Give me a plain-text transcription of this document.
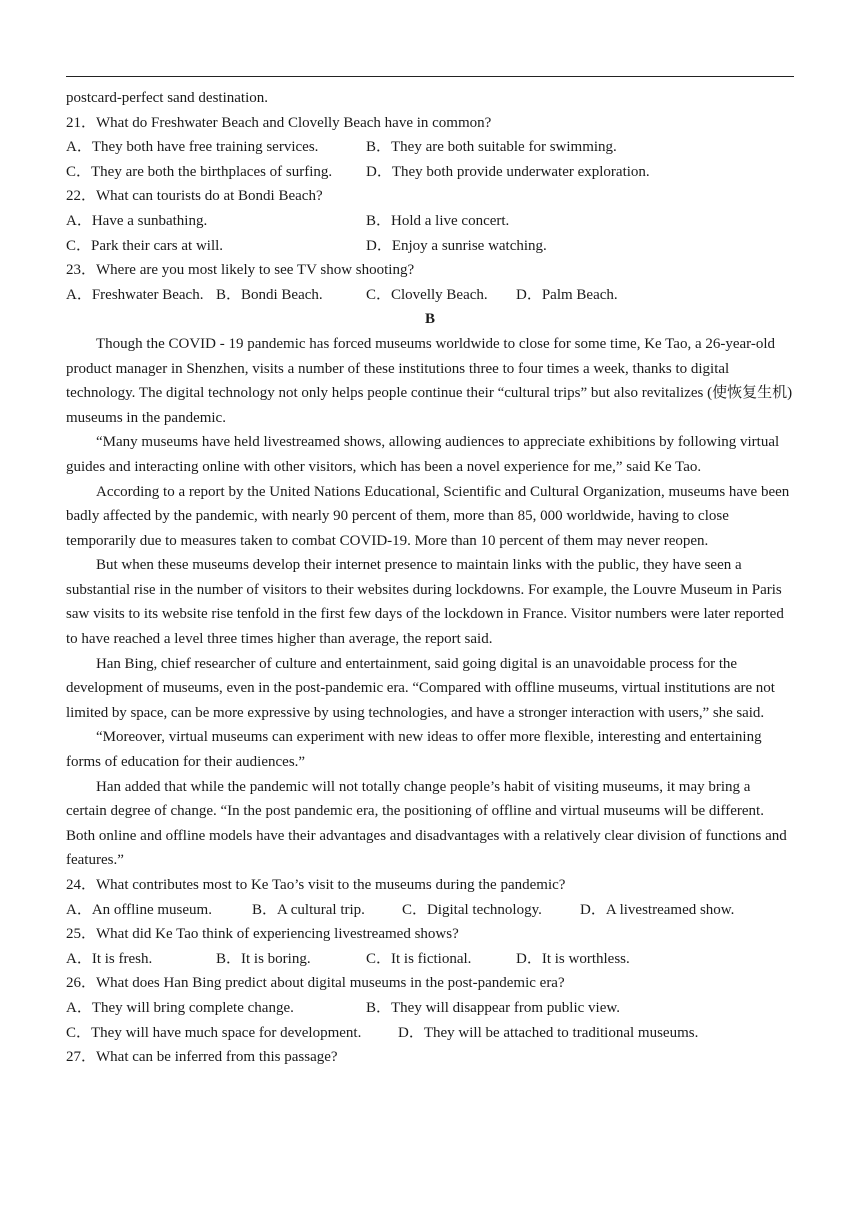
postcard-perfect sand destination.
21．What do Freshwater Beach and Clovelly Beach have in common?
A．They both have free training services.	B．They are both suitable for swimming.
C．They are both the birthplaces of surfing.	D．They both provide underwater exploration.
22．What can tourists do at Bondi Beach?
A．Have a sunbathing.	B．Hold a live concert.
C．Park their cars at will.	D．Enjoy a sunrise watching.
23．Where are you most likely to see TV show shooting?
A．Freshwater Beach. B．Bondi Beach.	C．Clovelly Beach.	D．Palm Beach.
B
Though the COVID - 19 pandemic has forced museums worldwide to close for some time, Ke Tao, a 26-year-old product manager in Shenzhen, visits a number of these institutions three to four times a week, thanks to digital technology. The digital technology not only helps people continue their “cultural trips” but also revitalizes (使恢复生机) museums in the pandemic.
“Many museums have held livestreamed shows, allowing audiences to appreciate exhibitions by following virtual guides and interacting online with other visitors, which has been a novel experience for me,” said Ke Tao.
According to a report by the United Nations Educational, Scientific and Cultural Organization, museums have been badly affected by the pandemic, with nearly 90 percent of them, more than 85, 000 worldwide, having to close temporarily due to measures taken to combat COVID-19. More than 10 percent of them may never reopen.
But when these museums develop their internet presence to maintain links with the public, they have seen a substantial rise in the number of visitors to their websites during lockdowns. For example, the Louvre Museum in Paris saw visits to its website rise tenfold in the first few days of the lockdown in France. Visitor numbers were later reported to have reached a level three times higher than average, the report said.
Han Bing, chief researcher of culture and entertainment, said going digital is an unavoidable process for the development of museums, even in the post-pandemic era. “Compared with offline museums, virtual institutions are not limited by space, can be more expressive by using technologies, and have a stronger interaction with users,” she said.
“Moreover, virtual museums can experiment with new ideas to offer more flexible, interesting and entertaining forms of education for their audiences.”
Han added that while the pandemic will not totally change people’s habit of visiting museums, it may bring a certain degree of change. “In the post pandemic era, the positioning of offline and virtual museums will be different. Both online and offline models have their advantages and disadvantages with a relatively clear division of functions and features.”
24．What contributes most to Ke Tao’s visit to the museums during the pandemic?
A．An offline museum.	B．A cultural trip.	C．Digital technology.	D．A livestreamed show.
25．What did Ke Tao think of experiencing livestreamed shows?
A．It is fresh.	B．It is boring.	C．It is fictional.	D．It is worthless.
26．What does Han Bing predict about digital museums in the post-pandemic era?
A．They will bring complete change.	B．They will disappear from public view.
C．They will have much space for development.	D．They will be attached to traditional museums.
27．What can be inferred from this passage?
